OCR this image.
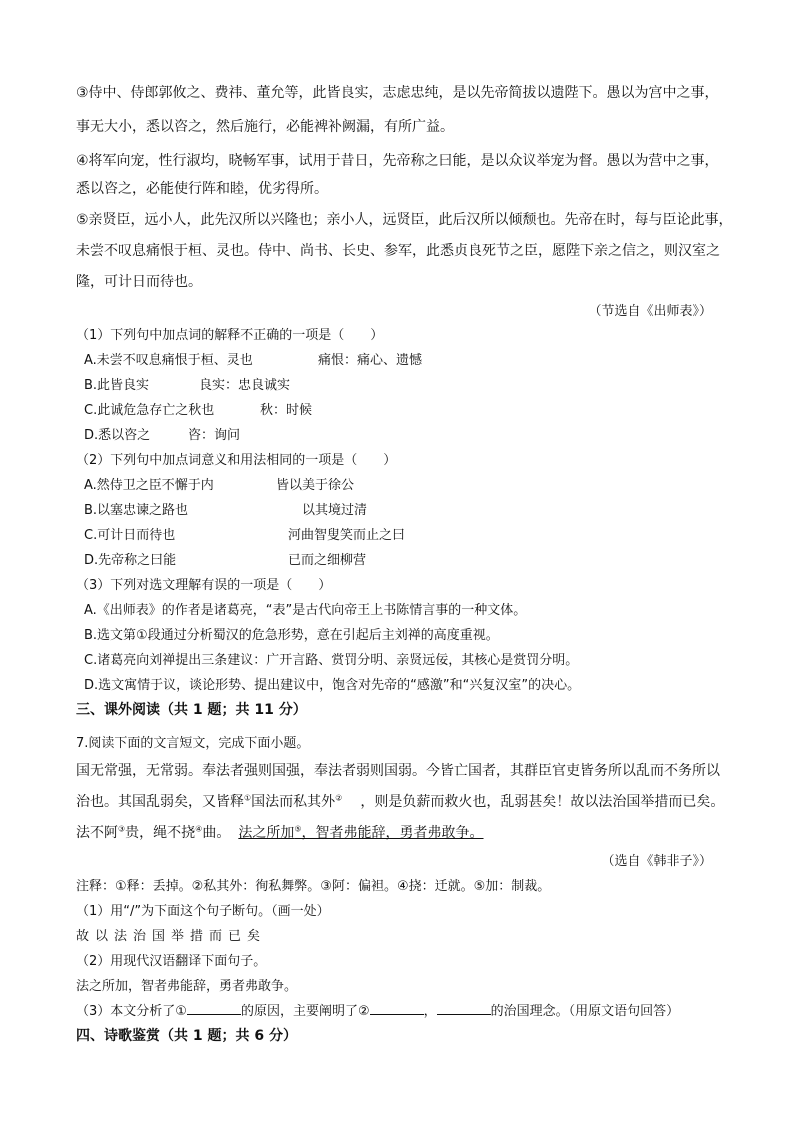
③侍中、侍郎郭攸之、费祎、董允等，此皆良实，志虑忠纯，是以先帝简拔以遗陛下。愚以为宫中之事，
事无大小，悉以咨之，然后施行，必能裨补阙漏，有所广益。
④将军向宠，性行淑均，晓畅军事，试用于昔日，先帝称之曰能，是以众议举宠为督。愚以为营中之事，
悉以咨之，必能使行阵和睦，优劣得所。
⑤亲贤臣，远小人，此先汉所以兴隆也；亲小人，远贤臣，此后汉所以倾颓也。先帝在时，每与臣论此事，
未尝不叹息痛恨于桓、灵也。侍中、尚书、长史、参军，此悉贞良死节之臣，愿陛下亲之信之，则汉室之
隆，可计日而待也。
（节选自《出师表》）
（1）下列句中加点词的解释不正确的一项是（　　）
A.未尝不叹息痛恨于桓、灵也	痛恨：痛心、遗憾
B.此皆良实	良实：忠良诚实
C.此诚危急存亡之秋也	秋：时候
D.悉以咨之	咨：询问
（2）下列句中加点词意义和用法相同的一项是（　　）
A.然侍卫之臣不懈于内	皆以美于徐公
B.以塞忠谏之路也	以其境过清
C.可计日而待也	河曲智叟笑而止之曰
D.先帝称之曰能	已而之细柳营
（3）下列对选文理解有误的一项是（　　）
A.《出师表》的作者是诸葛亮，“表”是古代向帝王上书陈情言事的一种文体。
B.选文第①段通过分析蜀汉的危急形势，意在引起后主刘禅的高度重视。
C.诸葛亮向刘禅提出三条建议：广开言路、赏罚分明、亲贤远佞，其核心是赏罚分明。
D.选文寓情于议，谈论形势、提出建议中，饱含对先帝的“感激”和“兴复汉室”的决心。
三、课外阅读（共 1 题；共 11 分）
7.阅读下面的文言短文，完成下面小题。
国无常强，无常弱。奉法者强则国强，奉法者弱则国弱。今皆亡国者，其群臣官吏皆务所以乱而不务所以
治也。其国乱弱矣，又皆释①国法而私其外② ，则是负薪而救火也，乱弱甚矣！故以法治国举措而已矣。
法不阿③贵，绳不挠④曲。 法之所加⑤，智者弗能辞，勇者弗敢争。
（选自《韩非子》）
注释：①释：丢掉。②私其外：徇私舞弊。③阿：偏袒。④挠：迁就。⑤加：制裁。
（1）用“/”为下面这个句子断句。（画一处）
故以法治国举措而已矣
（2）用现代汉语翻译下面句子。
法之所加，智者弗能辞，勇者弗敢争。
（3）本文分析了①	的原因，主要阐明了②	，	的治国理念。（用原文语句回答）
四、诗歌鉴赏（共 1 题；共 6 分）
